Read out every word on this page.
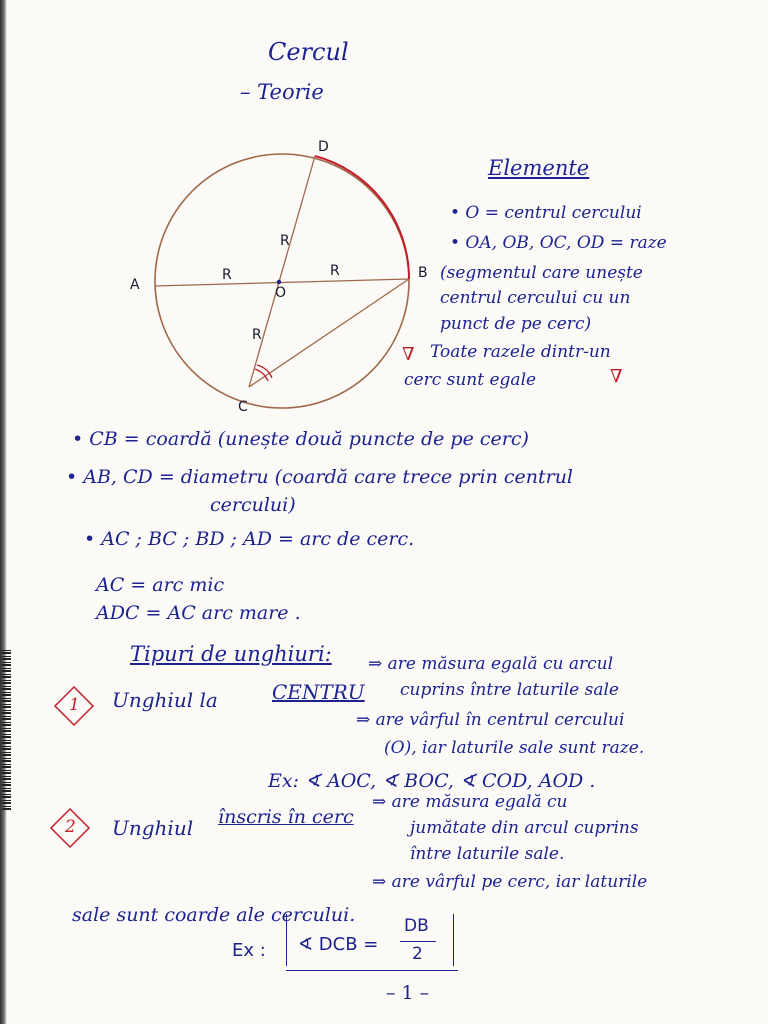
Cercul
– Teorie
D
A
B
C
O
R
R	R
R
Elemente
• O = centrul cercului
• OA, OB, OC, OD = raze
(segmentul care unește
centrul cercului cu un
punct de pe cerc)
∇ Toate razele dintr-un
cerc sunt egale	∇
• CB = coardă (unește două puncte de pe cerc)
• AB, CD = diametru (coardă care trece prin centrul
cercului)
• AC ; BC ; BD ; AD = arc de cerc.
AC = arc mic
ADC = AC arc mare .
Tipuri de unghiuri:
1 Unghiul la	CENTRU
⇒ are măsura egală cu arcul
cuprins între laturile sale
⇒ are vârful în centrul cercului
(O), iar laturile sale sunt raze.
Ex: ∢ AOC, ∢ BOC, ∢ COD, AOD .
2 Unghiul înscris în cerc
⇒ are măsura egală cu
jumătate din arcul cuprins
între laturile sale.
⇒ are vârful pe cerc, iar laturile
sale sunt coarde ale cercului.
Ex : ∢ DCB =
DB
2
– 1 –
